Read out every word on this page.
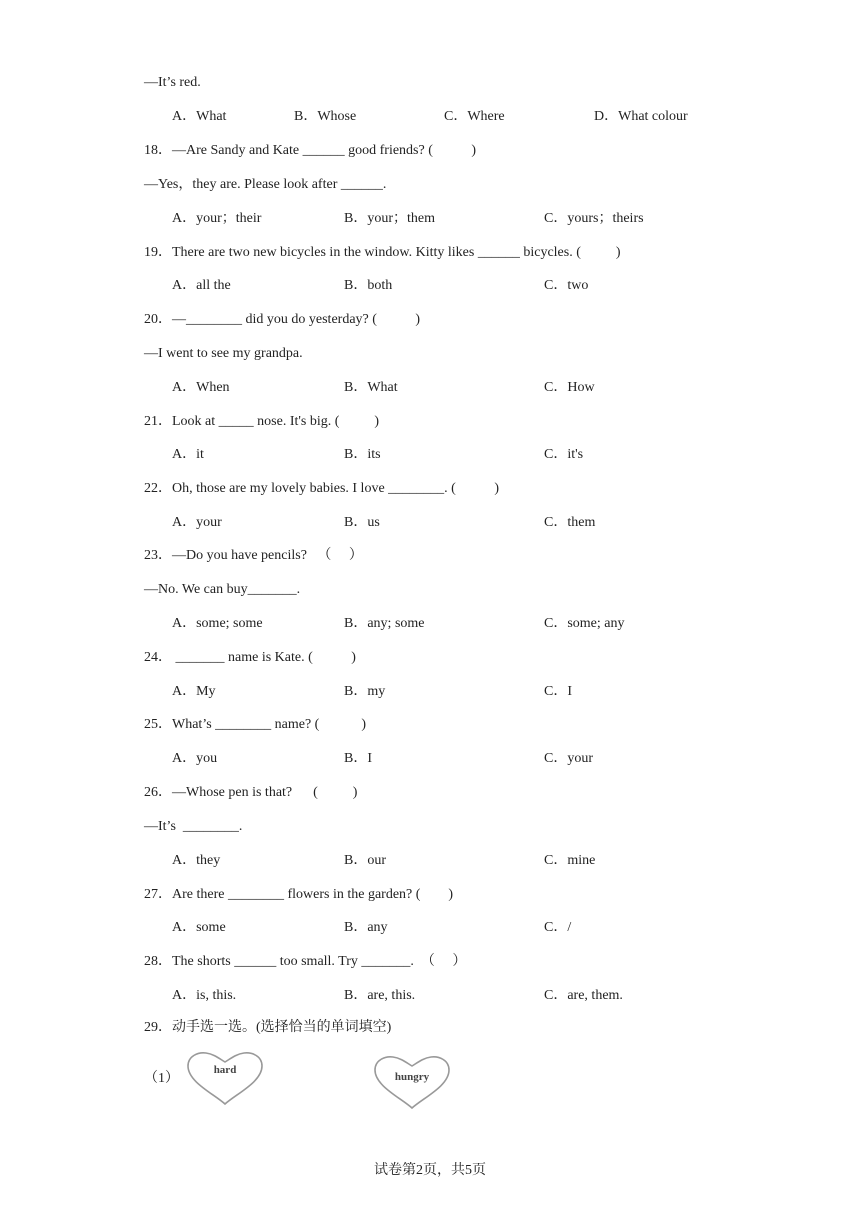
—It’s red.
A．What	B．Whose	C．Where	D．What colour
18．—Are Sandy and Kate ______ good friends? (           )
—Yes，they are. Please look after ______.
A．your；their	B．your；them	C．yours；theirs
19．There are two new bicycles in the window. Kitty likes ______ bicycles. (          )
A．all the	B．both	C．two
20．—________ did you do yesterday? (           )
—I went to see my grandpa.
A．When	B．What	C．How
21．Look at _____ nose. It's big. (          )
A．it	B．its	C．it's
22．Oh, those are my lovely babies. I love ________. (           )
A．your	B．us	C．them
23．—Do you have pencils?   （     ）
—No. We can buy_______.
A．some; some	B．any; some	C．some; any
24． _______ name is Kate. (           )
A．My	B．my	C．I
25．What’s ________ name? (            )
A．you	B．I	C．your
26．—Whose pen is that?      (          )
—It’s  ________.
A．they	B．our	C．mine
27．Are there ________ flowers in the garden? (        )
A．some	B．any	C．/
28．The shorts ______ too small. Try _______.  （     ）
A．is, this.	B．are, this.	C．are, them.
29．动手选一选。(选择恰当的单词填空)
（1）
hard
hungry
试卷第2页，共5页
